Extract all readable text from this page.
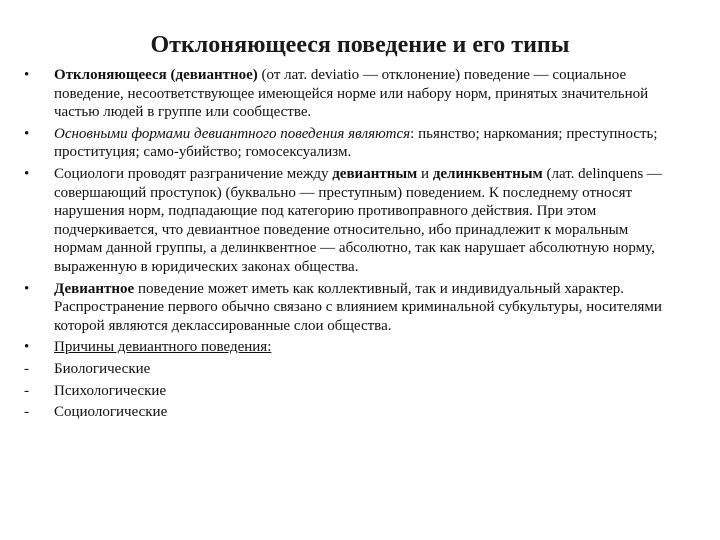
Отклоняющееся поведение и его типы
•	Отклоняющееся (девиантное) (от лат. deviatio — отклонение) поведение — социальное поведение, несоответствующее имеющейся норме или набору норм, принятых значительной частью людей в группе или сообществе.
•	Основными формами девиантного поведения являются: пьянство; наркомания; преступность; проституция; само-убийство; гомосексуализм.
•	Социологи проводят разграничение между девиантным и делинквентным (лат. delinquens — совершающий проступок) (буквально — преступным) поведением. К последнему относят нарушения норм, подпадающие под категорию противоправного действия. При этом подчеркивается, что девиантное поведение относительно, ибо принадлежит к моральным нормам данной группы, а делинквентное — абсолютно, так как нарушает абсолютную норму, выраженную в юридических законах общества.
•	Девиантное поведение может иметь как коллективный, так и индивидуальный характер. Распространение первого обычно связано с влиянием криминальной субкультуры, носителями которой являются деклассированные слои общества.
•	Причины девиантного поведения:
-	Биологические
-	Психологические
-	Социологические
